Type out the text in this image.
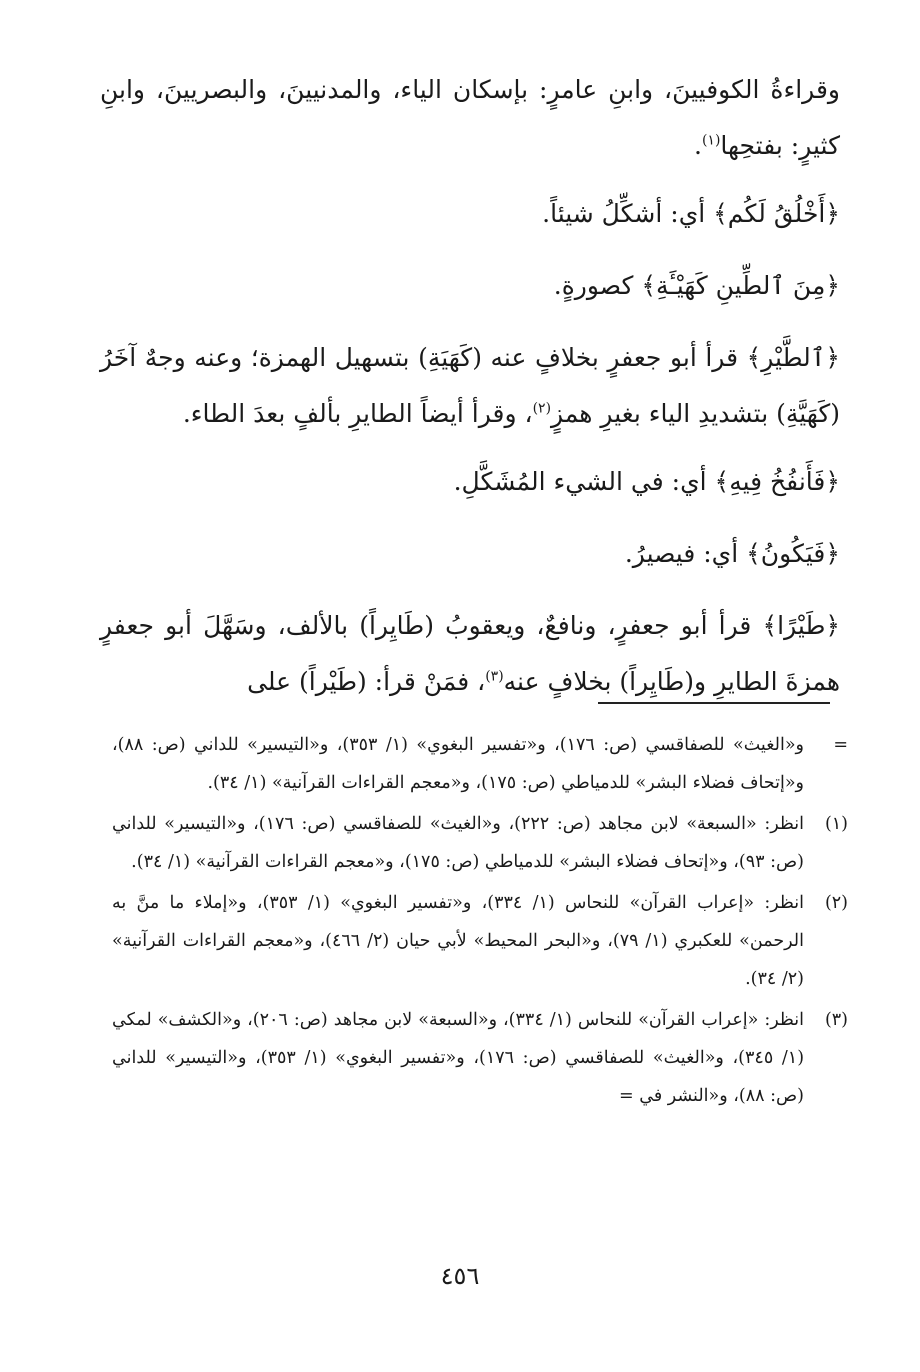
وقراءةُ الكوفيينَ، وابنِ عامرٍ: بإسكان الياء، والمدنيينَ، والبصريينَ، وابنِ كثيرٍ: بفتحِها$^{(١)}$.

﴿أَخْلُقُ لَكُم﴾ أي: أشكِّلُ شيئاً.

﴿مِنَ ٱلطِّينِ كَهَيْـَٔةِ﴾ كصورةٍ.

﴿ٱلطَّيْرِ﴾ قرأ أبو جعفرٍ بخلافٍ عنه (كَهَيَةِ) بتسهيل الهمزة؛ وعنه وجهٌ آخَرُ (كَهَيَّةِ) بتشديدِ الياء بغيرِ همزٍ$^{(٢)}$، وقرأ أيضاً الطايرِ بألفٍ بعدَ الطاء.

﴿فَأَنفُخُ فِيهِ﴾ أي: في الشيء المُشَكَّلِ.

﴿فَيَكُونُ﴾ أي: فيصيرُ.

﴿طَيْرًا﴾ قرأ أبو جعفرٍ، ونافعٌ، ويعقوبُ (طَايِراً) بالألف، وسَهَّلَ أبو جعفرٍ همزةَ الطايرِ و(طَايِراً) بخلافٍ عنه$^{(٣)}$، فمَنْ قرأ: (طَيْراً) على

=
و«الغيث» للصفاقسي (ص: ١٧٦)، و«تفسير البغوي» (١/ ٣٥٣)، و«التيسير» للداني (ص: ٨٨)، و«إتحاف فضلاء البشر» للدمياطي (ص: ١٧٥)، و«معجم القراءات القرآنية» (١/ ٣٤).
(١)
انظر: «السبعة» لابن مجاهد (ص: ٢٢٢)، و«الغيث» للصفاقسي (ص: ١٧٦)، و«التيسير» للداني (ص: ٩٣)، و«إتحاف فضلاء البشر» للدمياطي (ص: ١٧٥)، و«معجم القراءات القرآنية» (١/ ٣٤).
(٢)
انظر: «إعراب القرآن» للنحاس (١/ ٣٣٤)، و«تفسير البغوي» (١/ ٣٥٣)، و«إملاء ما منَّ به الرحمن» للعكبري (١/ ٧٩)، و«البحر المحيط» لأبي حيان (٢/ ٤٦٦)، و«معجم القراءات القرآنية» (٢/ ٣٤).
(٣)
انظر: «إعراب القرآن» للنحاس (١/ ٣٣٤)، و«السبعة» لابن مجاهد (ص: ٢٠٦)، و«الكشف» لمكي (١/ ٣٤٥)، و«الغيث» للصفاقسي (ص: ١٧٦)، و«تفسير البغوي» (١/ ٣٥٣)، و«التيسير» للداني (ص: ٨٨)، و«النشر في =
٤٥٦
